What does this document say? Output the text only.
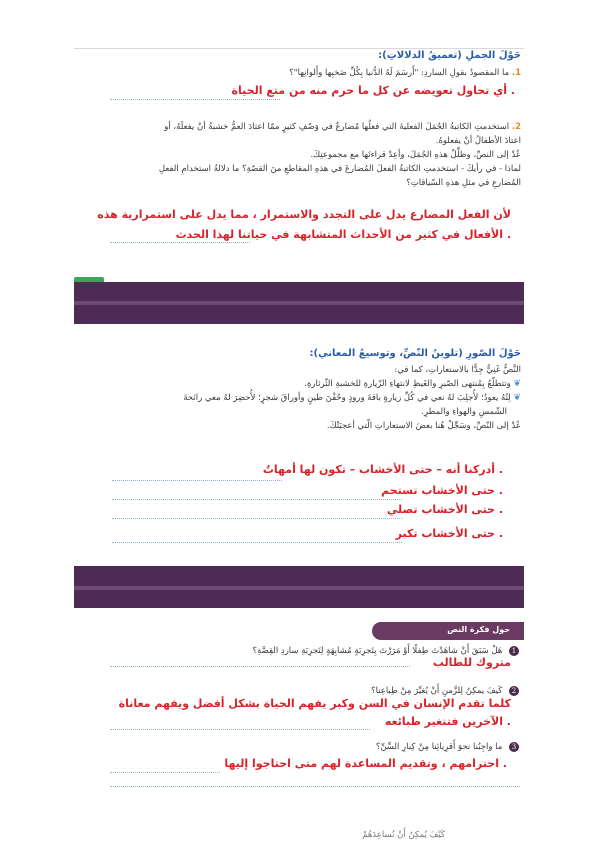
حَوْلَ الجملِ (تعميقُ الدلالاتِ):
1. ما المقصودُ بقولِ الساردِ: "أَرسَمَ لَهُ الدُّنيا بِكُلِّ صَخبِها وأَلوانِها"؟
. أي تحاول تعويضه عن كل ما حرم منه من متع الحياة
2. استخدمتِ الكاتبةُ الجُمَلَ الفعليةَ التي فعلُها مُضارعٌ في وَصْفِ كثيرٍ ممّا اعتادَ العمُّ خشبةُ أنْ يفعلَهُ، أو
اعتادَ الأطفالُ أنْ يفعلوهُ.
عُدْ إلى النصِّ، وظلِّلْ هذهِ الجُمَلَ، وأعِدْ قراءتَها مع مجموعتِكَ.
لماذا - في رأيكَ - استخدمتِ الكاتبةُ الفعلَ المُضارعَ في هذهِ المقاطعِ منَ القصّةِ؟ ما دلالةُ استخدامِ الفعلِ
المُضارعِ في مثلِ هذهِ السّياقاتِ؟
لأن الفعل المضارع يدل على التجدد والاستمرار ، مما يدل على استمرارية هذه
. الأفعال في كثير من الأحداث المتشابهة في حياتنا لهذا الحدث
حَوْلَ الصّورِ (تلوينُ النّصِّ، وتوسيعُ المعاني):
النَّصُّ غَنِيٌّ جِدًّا بالاستعاراتِ، كما في:
❦ وتتطلّعُ بِمُنتهى الصّبرِ والغَيظِ لانتهاءِ الزّيارةِ للخشبةِ الثّرثارةِ.
❦ لِتُهُ يعودُ؛ لأُجلِبَ لهُ نعي في كُلِّ زيارةٍ باقةَ ورودٍ وحُفْنَ طينٍ وأوراقَ شجرٍ؛ لأُحضِرَ لهُ معي رائحةَ
الشّمسِ والهواءِ والمطرِ.
عُدْ إلى النّصِّ، وسَجِّلْ هُنا بعضَ الاستعاراتِ الّتي أعجبَتْكَ.
. أدركنا أنه – حتى الأخشاب – تكون لها أمهاتٌ
. حتى الأخشاب تستحم
. حتى الأخشاب تصلي
. حتى الأخشاب تكبر
حول فكرة النص
1 هَلْ سَبَقَ أَنْ شاهَدْتَ طِفلًا أَوْ مَرَرْتَ بِتَجرِبَةٍ مُشابِهَةٍ لِتَجرِبَةِ ساردِ القِصَّةِ؟
متروك للطالب
2 كَيفَ يمكِنُ لِلزَّمنِ أَنْ يُغيِّرَ مِنْ طِباعِنا؟
كلما تقدم الإنسان في السن وكبر يفهم الحياة بشكل أفضل ويفهم معاناة
. الآخرين فتتغير طبائعه
3 ما واجِبُنا نحوَ أَقرِبائِنا مِنْ كِبارِ السِّنِّ؟
. احترامهم ، وتقديم المساعدة لهم متى احتاجوا إليها
كَيْفَ يُمكِنُ أَنْ نُساعِدَهُمْ
